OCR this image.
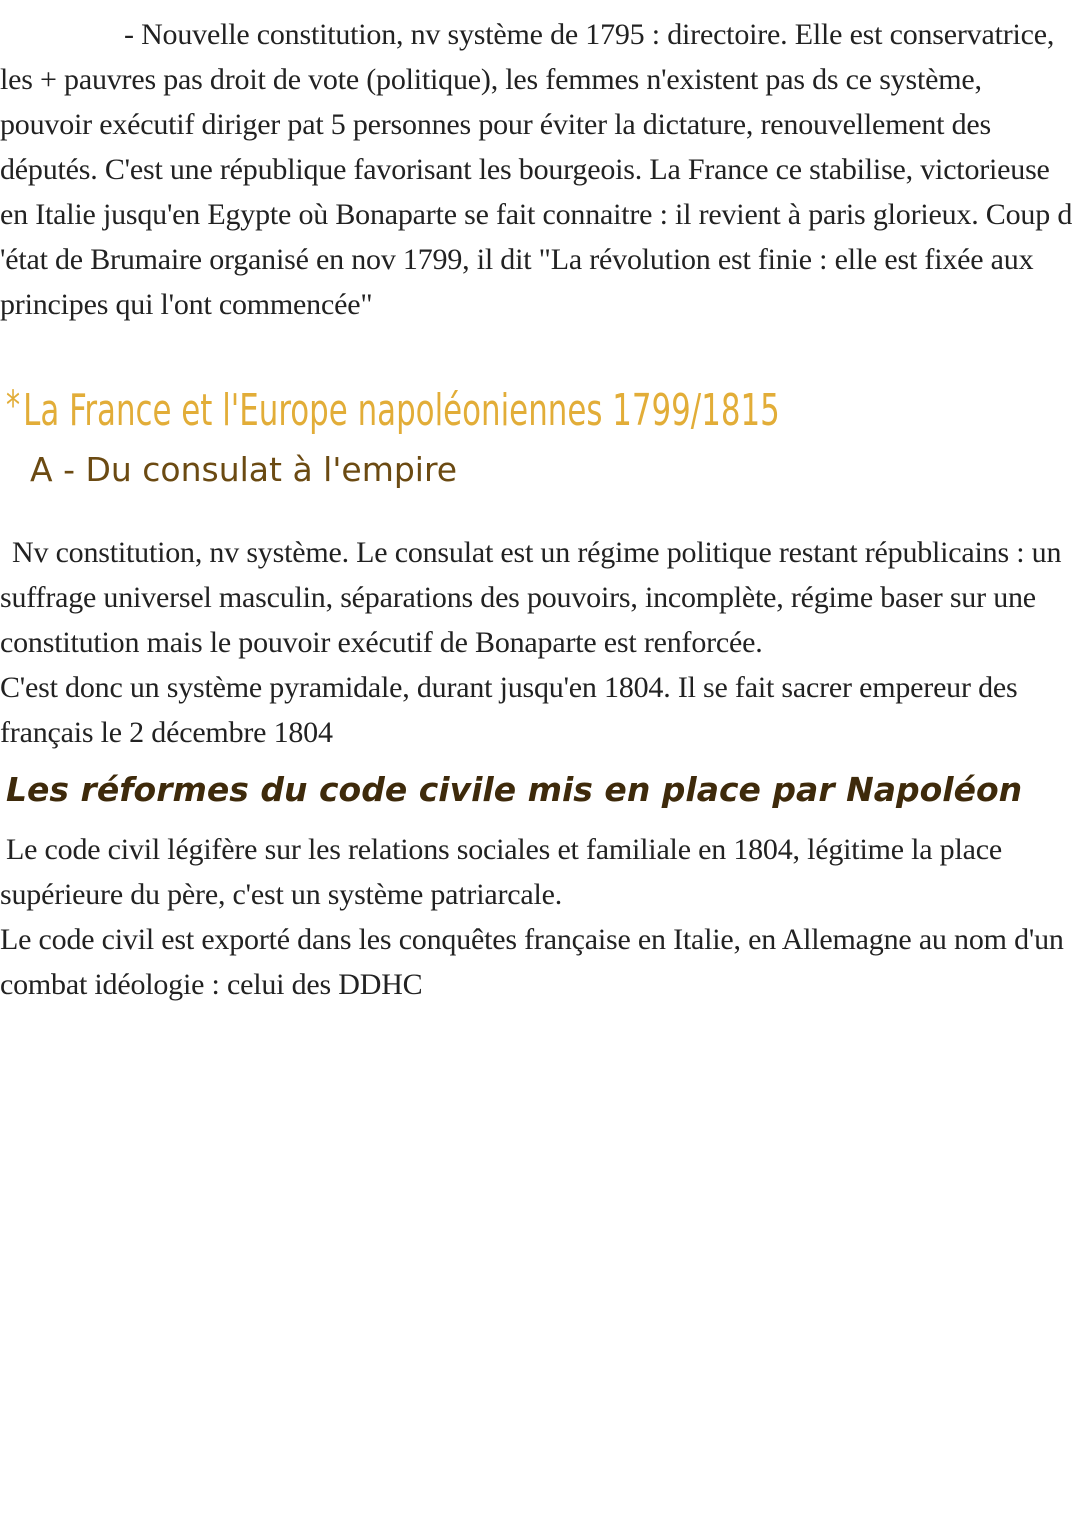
- Nouvelle constitution, nv système de 1795 : directoire. Elle est conservatrice, les + pauvres pas droit de vote (politique), les femmes n'existent pas ds ce système, pouvoir exécutif diriger pat 5 personnes pour éviter la dictature, renouvellement des députés. C'est une république favorisant les bourgeois. La France ce stabilise, victorieuse en Italie jusqu'en Egypte où Bonaparte se fait connaitre : il revient à paris glorieux. Coup d 'état de Brumaire organisé en nov 1799, il dit "La révolution est finie : elle est fixée aux principes qui l'ont commencée"

*La France et l'Europe napoléoniennes 1799/1815
A - Du consulat à l'empire

Nv constitution, nv système. Le consulat est un régime politique restant républicains : un suffrage universel masculin, séparations des pouvoirs, incomplète, régime baser sur une constitution mais le pouvoir exécutif de Bonaparte est renforcée.
C'est donc un système pyramidale, durant jusqu'en 1804. Il se fait sacrer empereur des français le 2 décembre 1804

Les réformes du code civile mis en place par Napoléon

Le code civil légifère sur les relations sociales et familiale en 1804, légitime la place supérieure du père, c'est un système patriarcale.
Le code civil est exporté dans les conquêtes française en Italie, en Allemagne au nom d'un combat idéologie : celui des DDHC
